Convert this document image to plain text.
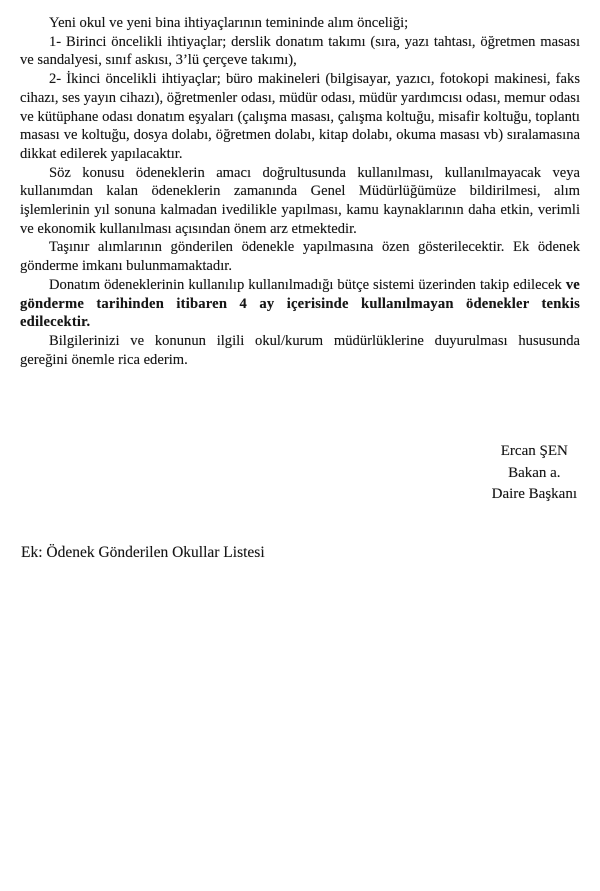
Yeni okul ve yeni bina ihtiyaçlarının temininde alım önceliği;

1- Birinci öncelikli ihtiyaçlar; derslik donatım takımı (sıra, yazı tahtası, öğretmen masası ve sandalyesi, sınıf askısı, 3’lü çerçeve takımı),

2- İkinci öncelikli ihtiyaçlar; büro makineleri (bilgisayar, yazıcı, fotokopi makinesi, faks cihazı, ses yayın cihazı), öğretmenler odası, müdür odası, müdür yardımcısı odası, memur odası ve kütüphane odası donatım eşyaları (çalışma masası, çalışma koltuğu, misafir koltuğu, toplantı masası ve koltuğu, dosya dolabı, öğretmen dolabı, kitap dolabı, okuma masası vb) sıralamasına dikkat edilerek yapılacaktır.

Söz konusu ödeneklerin amacı doğrultusunda kullanılması, kullanılmayacak veya kullanımdan kalan ödeneklerin zamanında Genel Müdürlüğümüze bildirilmesi, alım işlemlerinin yıl sonuna kalmadan ivedilikle yapılması, kamu kaynaklarının daha etkin, verimli ve ekonomik kullanılması açısından önem arz etmektedir.

Taşınır alımlarının gönderilen ödenekle yapılmasına özen gösterilecektir. Ek ödenek gönderme imkanı bulunmamaktadır.

Donatım ödeneklerinin kullanılıp kullanılmadığı bütçe sistemi üzerinden takip edilecek ve gönderme tarihinden itibaren 4 ay içerisinde kullanılmayan ödenekler tenkis edilecektir.

Bilgilerinizi ve konunun ilgili okul/kurum müdürlüklerine duyurulması hususunda gereğini önemle rica ederim.

Ercan ŞEN
Bakan a.
Daire Başkanı
Ek: Ödenek Gönderilen Okullar Listesi
